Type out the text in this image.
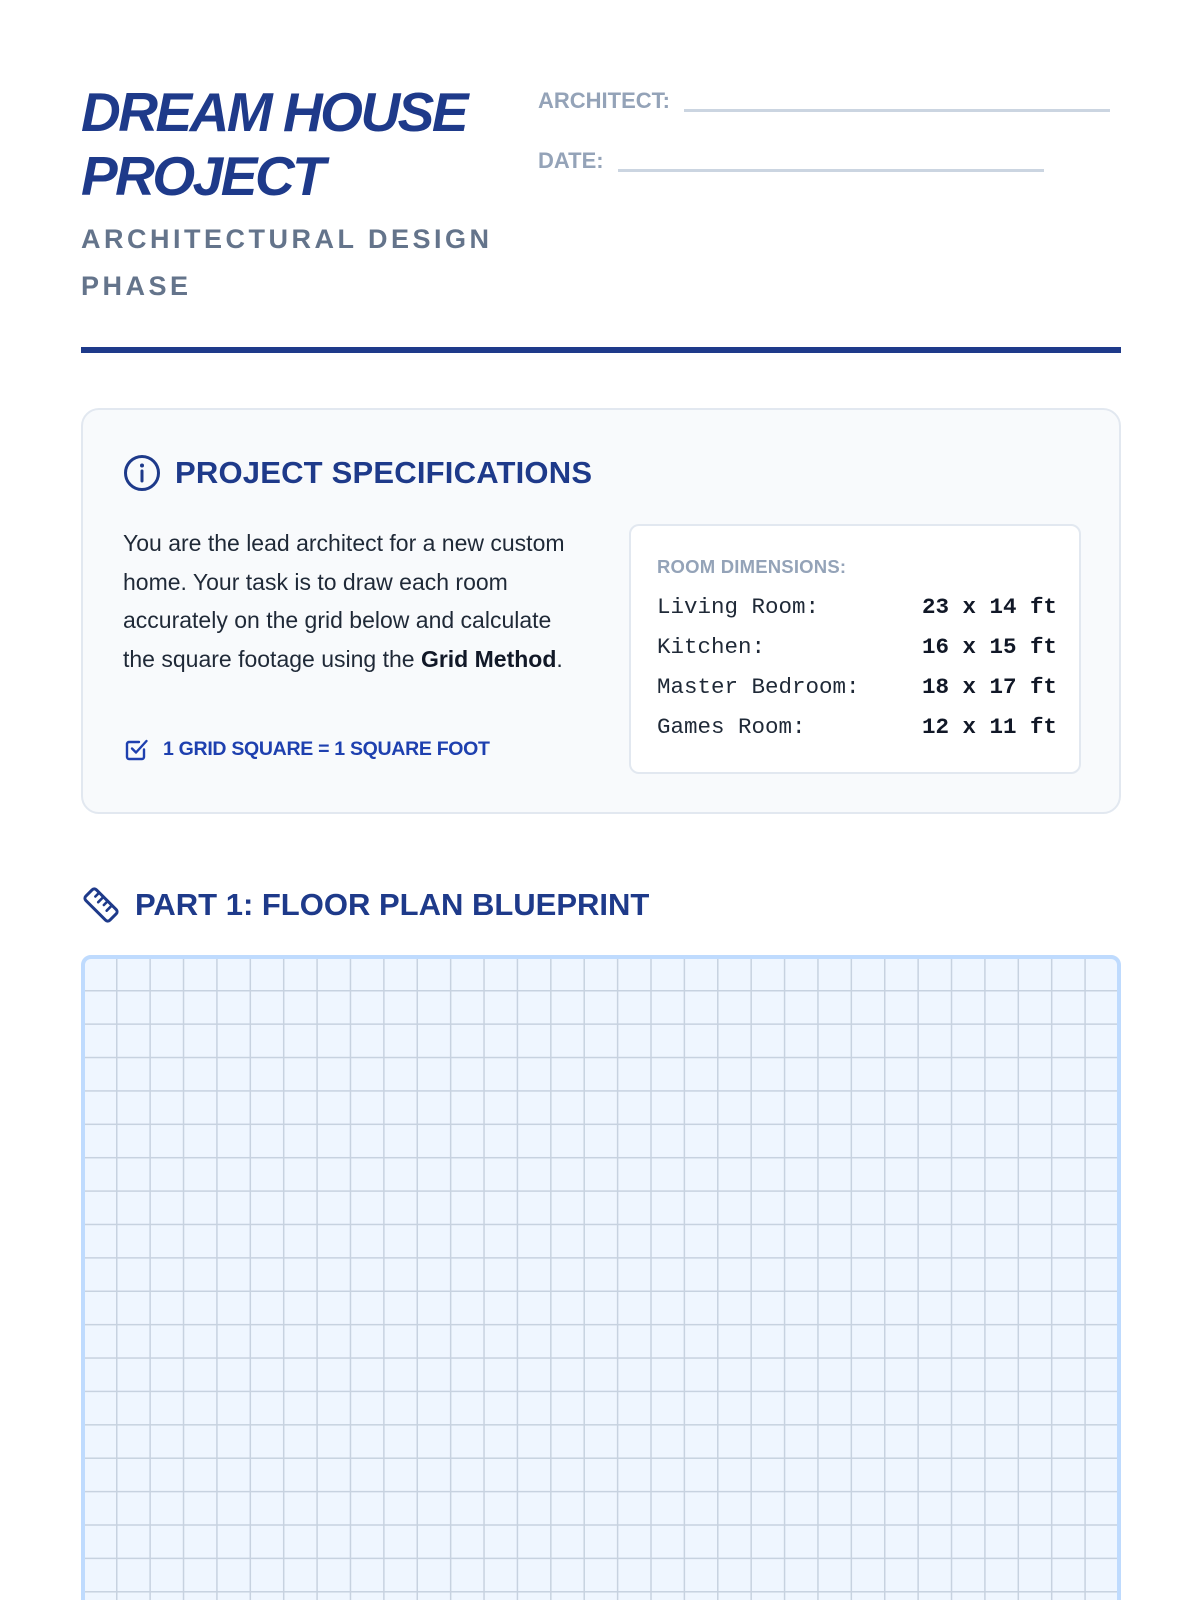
DREAM HOUSE PROJECT
ARCHITECTURAL DESIGN PHASE
ARCHITECT:
DATE:
PROJECT SPECIFICATIONS

You are the lead architect for a new custom home. Your task is to draw each room accurately on the grid below and calculate the square footage using the Grid Method.

1 GRID SQUARE = 1 SQUARE FOOT
ROOM DIMENSIONS:
Living Room:	23 x 14 ft
Kitchen:	16 x 15 ft
Master Bedroom:	18 x 17 ft
Games Room:	12 x 11 ft
PART 1: FLOOR PLAN BLUEPRINT
